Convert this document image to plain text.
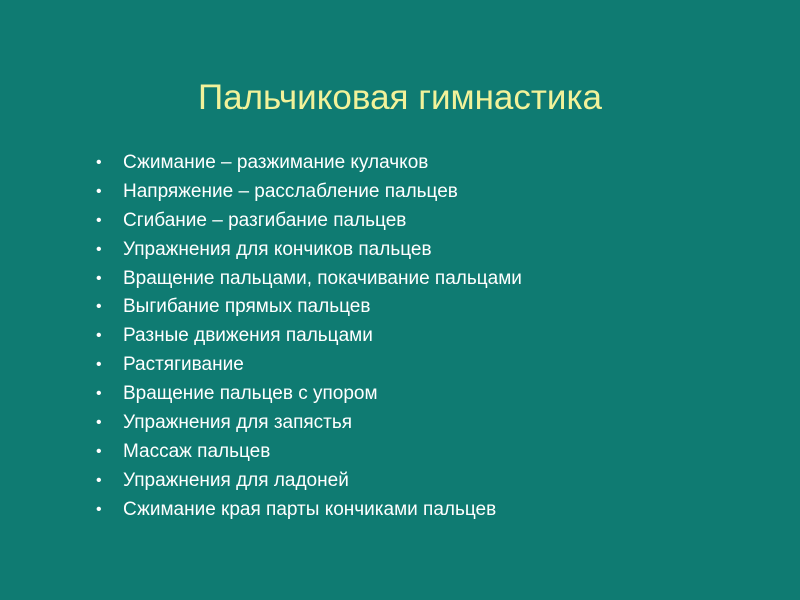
Пальчиковая гимнастика
•	Сжимание – разжимание кулачков
•	Напряжение – расслабление пальцев
•	Сгибание – разгибание пальцев
•	Упражнения для кончиков пальцев
•	Вращение пальцами, покачивание пальцами
•	Выгибание прямых пальцев
•	Разные движения пальцами
•	Растягивание
•	Вращение пальцев с упором
•	Упражнения для запястья
•	Массаж пальцев
•	Упражнения для ладоней
•	Сжимание края парты кончиками пальцев
